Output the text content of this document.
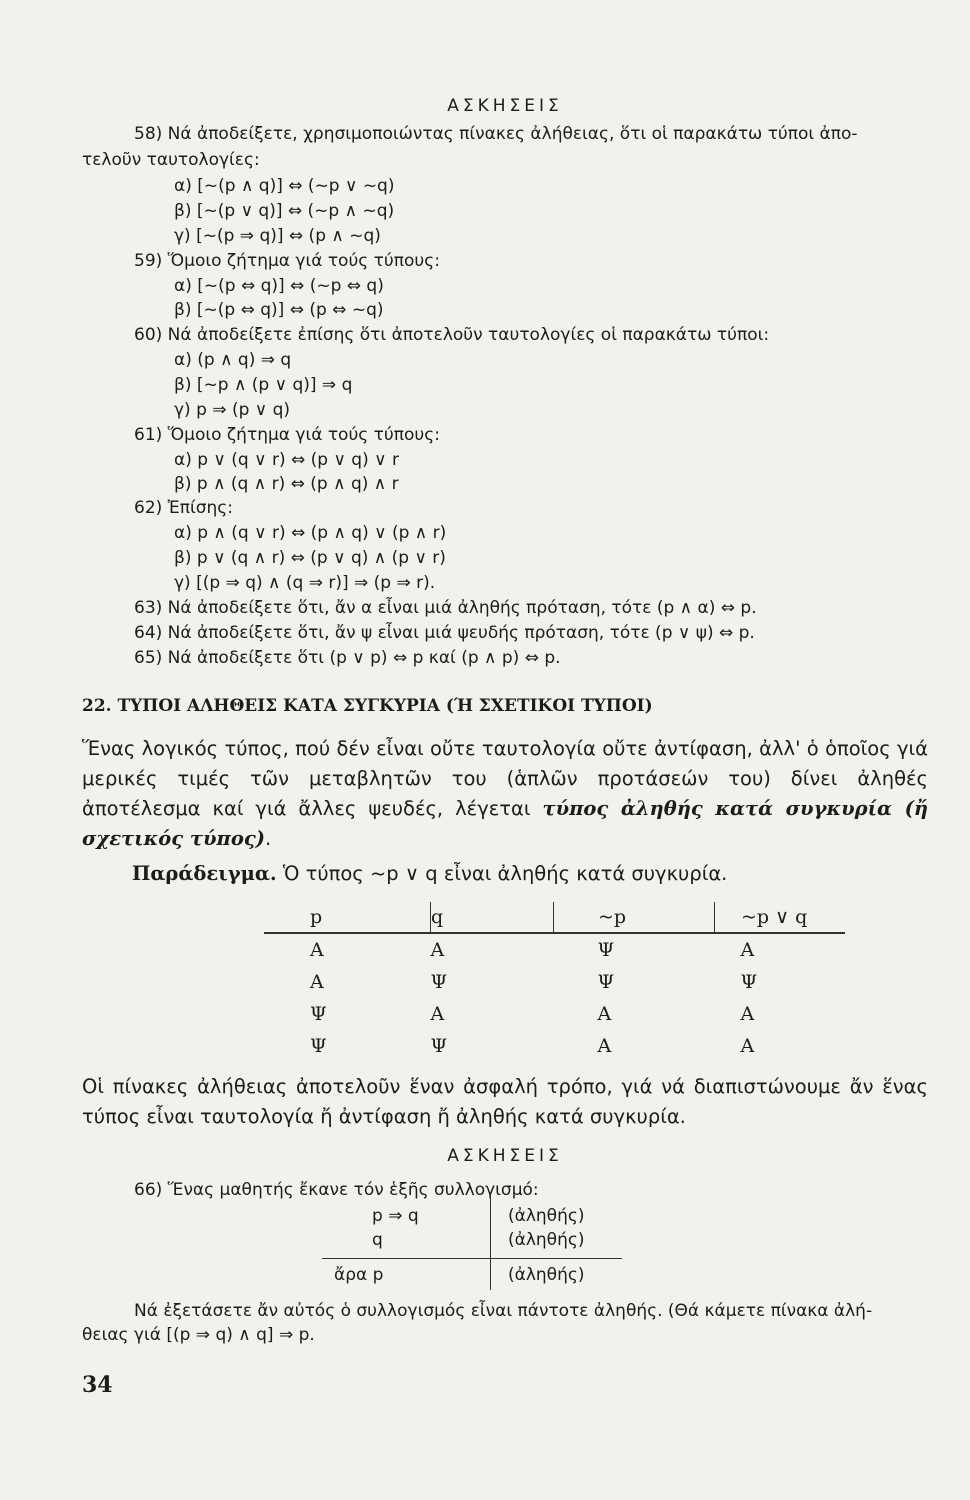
ΑΣΚΗΣΕΙΣ
58) Νά ἀποδείξετε, χρησιμοποιώντας πίνακες ἀλήθειας, ὅτι οἱ παρακάτω τύποι ἀπο-
τελοῦν ταυτολογίες:
α) [~(p ∧ q)] ⇔ (~p ∨ ~q)
β) [~(p ∨ q)] ⇔ (~p ∧ ~q)
γ) [~(p ⇒ q)] ⇔ (p ∧ ~q)
59) Ὅμοιο ζήτημα γιά τούς τύπους:
α) [~(p ⇔ q)] ⇔ (~p ⇔ q)
β) [~(p ⇔ q)] ⇔ (p ⇔ ~q)
60) Νά ἀποδείξετε ἐπίσης ὅτι ἀποτελοῦν ταυτολογίες οἱ παρακάτω τύποι:
α) (p ∧ q) ⇒ q
β) [~p ∧ (p ∨ q)] ⇒ q
γ) p ⇒ (p ∨ q)
61) Ὅμοιο ζήτημα γιά τούς τύπους:
α) p ∨ (q ∨ r) ⇔ (p ∨ q) ∨ r
β) p ∧ (q ∧ r) ⇔ (p ∧ q) ∧ r
62) Ἐπίσης:
α) p ∧ (q ∨ r) ⇔ (p ∧ q) ∨ (p ∧ r)
β) p ∨ (q ∧ r) ⇔ (p ∨ q) ∧ (p ∨ r)
γ) [(p ⇒ q) ∧ (q ⇒ r)] ⇒ (p ⇒ r).
63) Νά ἀποδείξετε ὅτι, ἄν α εἶναι μιά ἀληθής πρόταση, τότε (p ∧ α) ⇔ p.
64) Νά ἀποδείξετε ὅτι, ἄν ψ εἶναι μιά ψευδής πρόταση, τότε (p ∨ ψ) ⇔ p.
65) Νά ἀποδείξετε ὅτι (p ∨ p) ⇔ p καί (p ∧ p) ⇔ p.
22. ΤΥΠΟΙ ΑΛΗΘΕΙΣ ΚΑΤΑ ΣΥΓΚΥΡΙΑ (Ή ΣΧΕΤΙΚΟΙ ΤΥΠΟΙ)
Ἕνας λογικός τύπος, πού δέν εἶναι οὔτε ταυτολογία οὔτε ἀντίφαση, ἀλλ' ὁ ὁποῖος γιά μερικές τιμές τῶν μεταβλητῶν του (ἁπλῶν προτάσεών του) δίνει ἀληθές ἀποτέλεσμα καί γιά ἄλλες ψευδές, λέγεται τύπος ἀληθής κατά συγκυρία (ἤ σχετικός τύπος).
Παράδειγμα. Ὁ τύπος ~p ∨ q εἶναι ἀληθής κατά συγκυρία.
p	q	~p	~p ∨ q
A	A	Ψ	A
A	Ψ	Ψ	Ψ
Ψ	A	A	A
Ψ	Ψ	A	A
Οἱ πίνακες ἀλήθειας ἀποτελοῦν ἕναν ἀσφαλή τρόπο, γιά νά διαπιστώνουμε ἄν ἕνας τύπος εἶναι ταυτολογία ἤ ἀντίφαση ἤ ἀληθής κατά συγκυρία.
ΑΣΚΗΣΕΙΣ
66) Ἕνας μαθητής ἔκανε τόν ἑξῆς συλλογισμό:
p ⇒ q	(ἀληθής)
q	(ἀληθής)
ἄρα p	(ἀληθής)
Νά ἐξετάσετε ἄν αὐτός ὁ συλλογισμός εἶναι πάντοτε ἀληθής. (Θά κάμετε πίνακα ἀλή-
θειας γιά [(p ⇒ q) ∧ q] ⇒ p.
34
